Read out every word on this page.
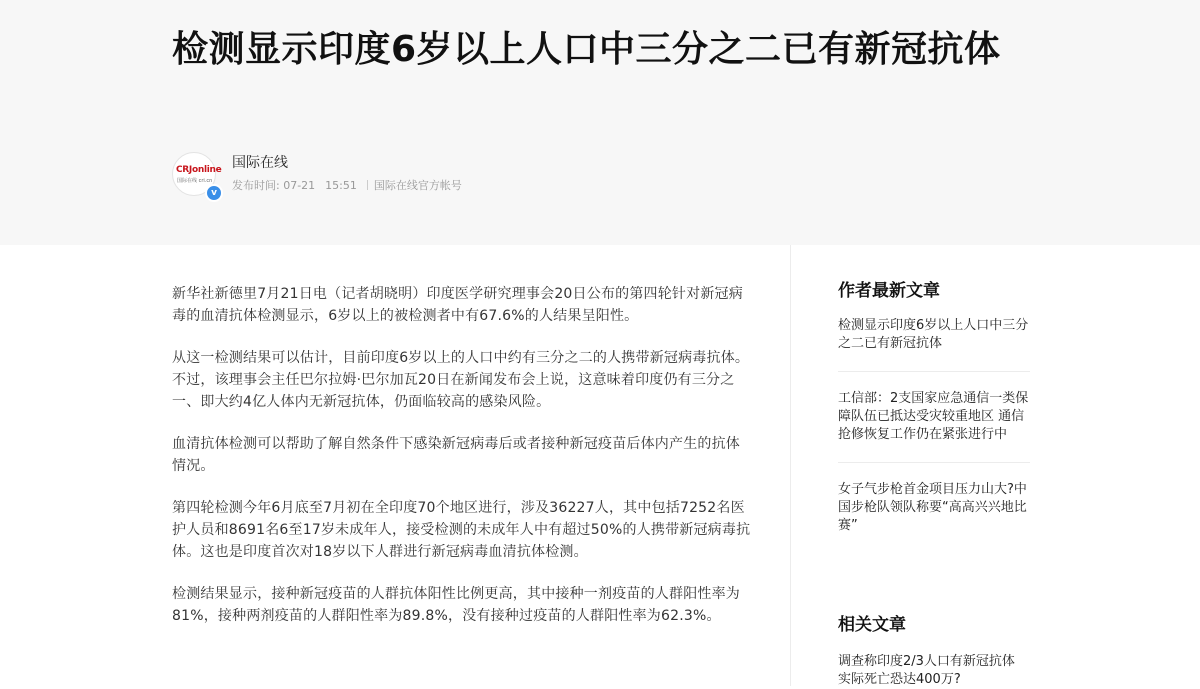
检测显示印度6岁以上人口中三分之二已有新冠抗体
CRJonline
国际在线 cri.cn
v
国际在线
发布时间: 07-21 15:51 国际在线官方帐号

新华社新德里7月21日电（记者胡晓明）印度医学研究理事会20日公布的第四轮针对新冠病毒的血清抗体检测显示，6岁以上的被检测者中有67.6%的人结果呈阳性。

从这一检测结果可以估计，目前印度6岁以上的人口中约有三分之二的人携带新冠病毒抗体。不过，该理事会主任巴尔拉姆·巴尔加瓦20日在新闻发布会上说，这意味着印度仍有三分之一、即大约4亿人体内无新冠抗体，仍面临较高的感染风险。

血清抗体检测可以帮助了解自然条件下感染新冠病毒后或者接种新冠疫苗后体内产生的抗体情况。

第四轮检测今年6月底至7月初在全印度70个地区进行，涉及36227人，其中包括7252名医护人员和8691名6至17岁未成年人，接受检测的未成年人中有超过50%的人携带新冠病毒抗体。这也是印度首次对18岁以下人群进行新冠病毒血清抗体检测。

检测结果显示，接种新冠疫苗的人群抗体阳性比例更高，其中接种一剂疫苗的人群阳性率为81%，接种两剂疫苗的人群阳性率为89.8%，没有接种过疫苗的人群阳性率为62.3%。

作者最新文章
检测显示印度6岁以上人口中三分之二已有新冠抗体
工信部：2支国家应急通信一类保障队伍已抵达受灾较重地区 通信抢修恢复工作仍在紧张进行中
女子气步枪首金项目压力山大?中国步枪队领队称要“高高兴兴地比赛”
相关文章
调查称印度2/3人口有新冠抗体 实际死亡恐达400万?
